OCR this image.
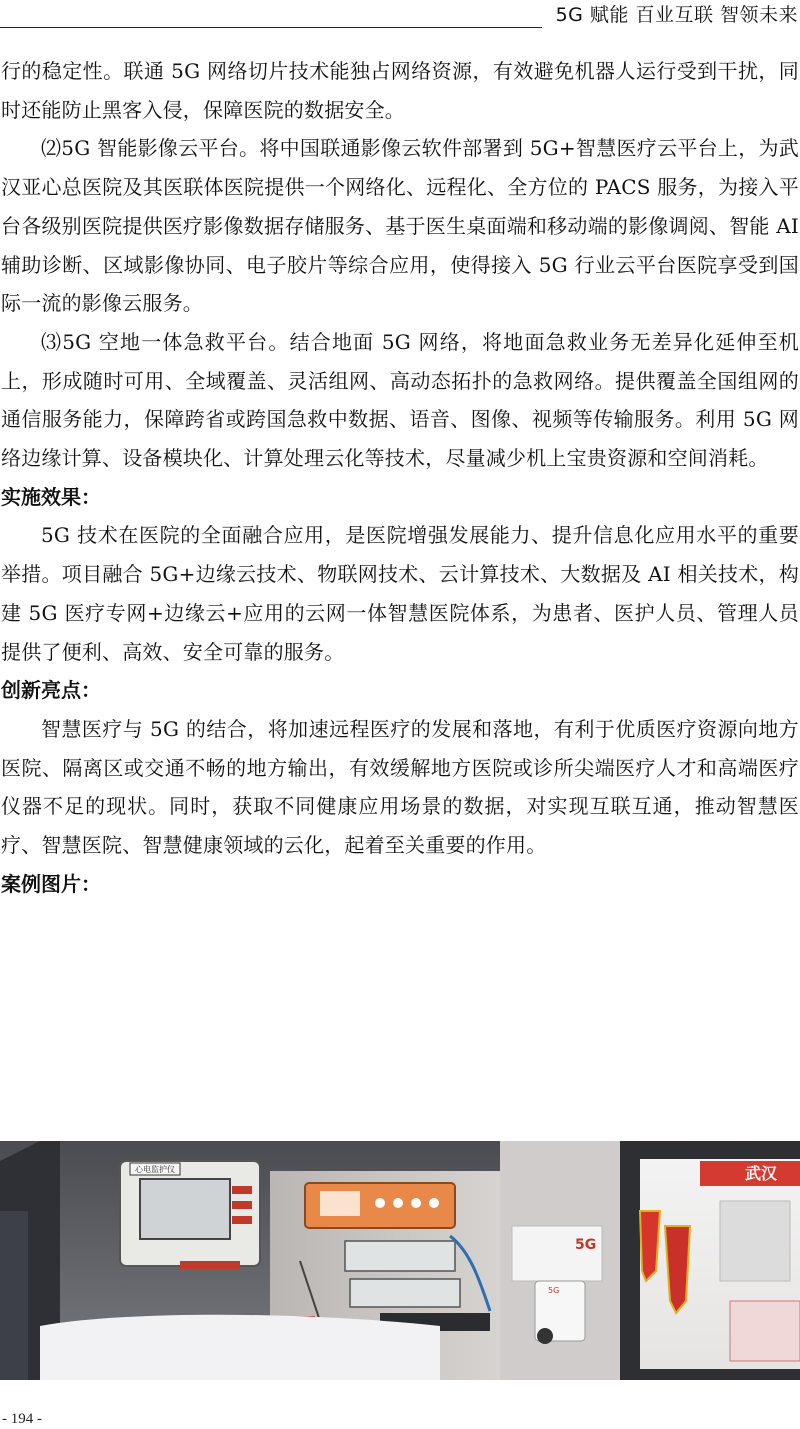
5G 赋能 百业互联 智领未来

行的稳定性。联通 5G 网络切片技术能独占网络资源，有效避免机器人运行受到干扰，同时还能防止黑客入侵，保障医院的数据安全。

⑵5G 智能影像云平台。将中国联通影像云软件部署到 5G+智慧医疗云平台上，为武汉亚心总医院及其医联体医院提供一个网络化、远程化、全方位的 PACS 服务，为接入平台各级别医院提供医疗影像数据存储服务、基于医生桌面端和移动端的影像调阅、智能 AI 辅助诊断、区域影像协同、电子胶片等综合应用，使得接入 5G 行业云平台医院享受到国际一流的影像云服务。

⑶5G 空地一体急救平台。结合地面 5G 网络，将地面急救业务无差异化延伸至机上，形成随时可用、全域覆盖、灵活组网、高动态拓扑的急救网络。提供覆盖全国组网的通信服务能力，保障跨省或跨国急救中数据、语音、图像、视频等传输服务。利用 5G 网络边缘计算、设备模块化、计算处理云化等技术，尽量减少机上宝贵资源和空间消耗。

实施效果：

5G 技术在医院的全面融合应用，是医院增强发展能力、提升信息化应用水平的重要举措。项目融合 5G+边缘云技术、物联网技术、云计算技术、大数据及 AI 相关技术，构建 5G 医疗专网+边缘云+应用的云网一体智慧医院体系，为患者、医护人员、管理人员提供了便利、高效、安全可靠的服务。

创新亮点：

智慧医疗与 5G 的结合，将加速远程医疗的发展和落地，有利于优质医疗资源向地方医院、隔离区或交通不畅的地方输出，有效缓解地方医院或诊所尖端医疗人才和高端医疗仪器不足的现状。同时，获取不同健康应用场景的数据，对实现互联互通，推动智慧医疗、智慧医院、智慧健康领域的云化，起着至关重要的作用。

案例图片：
心电监护仪
5G
5G
武汉
- 194 -
